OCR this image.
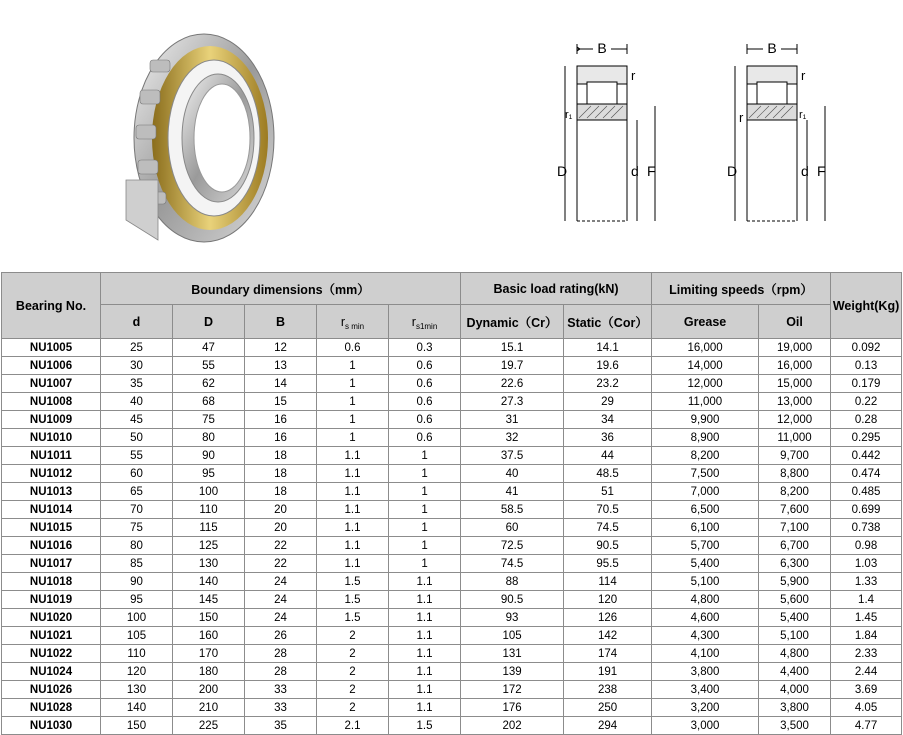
B
r
r₁
D	d F
B
r
r	r₁
D	d F
Bearing No.	Boundary dimensions（mm）					Basic load rating(kN)		Limiting speeds（rpm）		Weight(Kg)
	d	D	B	$r_{s min}$	$r_{s1min}$	Dynamic（Cr）	Static（Cor）	Grease	Oil	
NU1005	25	47	12	0.6	0.3	15.1	14.1	16,000	19,000	0.092
NU1006	30	55	13	1	0.6	19.7	19.6	14,000	16,000	0.13
NU1007	35	62	14	1	0.6	22.6	23.2	12,000	15,000	0.179
NU1008	40	68	15	1	0.6	27.3	29	11,000	13,000	0.22
NU1009	45	75	16	1	0.6	31	34	9,900	12,000	0.28
NU1010	50	80	16	1	0.6	32	36	8,900	11,000	0.295
NU1011	55	90	18	1.1	1	37.5	44	8,200	9,700	0.442
NU1012	60	95	18	1.1	1	40	48.5	7,500	8,800	0.474
NU1013	65	100	18	1.1	1	41	51	7,000	8,200	0.485
NU1014	70	110	20	1.1	1	58.5	70.5	6,500	7,600	0.699
NU1015	75	115	20	1.1	1	60	74.5	6,100	7,100	0.738
NU1016	80	125	22	1.1	1	72.5	90.5	5,700	6,700	0.98
NU1017	85	130	22	1.1	1	74.5	95.5	5,400	6,300	1.03
NU1018	90	140	24	1.5	1.1	88	114	5,100	5,900	1.33
NU1019	95	145	24	1.5	1.1	90.5	120	4,800	5,600	1.4
NU1020	100	150	24	1.5	1.1	93	126	4,600	5,400	1.45
NU1021	105	160	26	2	1.1	105	142	4,300	5,100	1.84
NU1022	110	170	28	2	1.1	131	174	4,100	4,800	2.33
NU1024	120	180	28	2	1.1	139	191	3,800	4,400	2.44
NU1026	130	200	33	2	1.1	172	238	3,400	4,000	3.69
NU1028	140	210	33	2	1.1	176	250	3,200	3,800	4.05
NU1030	150	225	35	2.1	1.5	202	294	3,000	3,500	4.77
